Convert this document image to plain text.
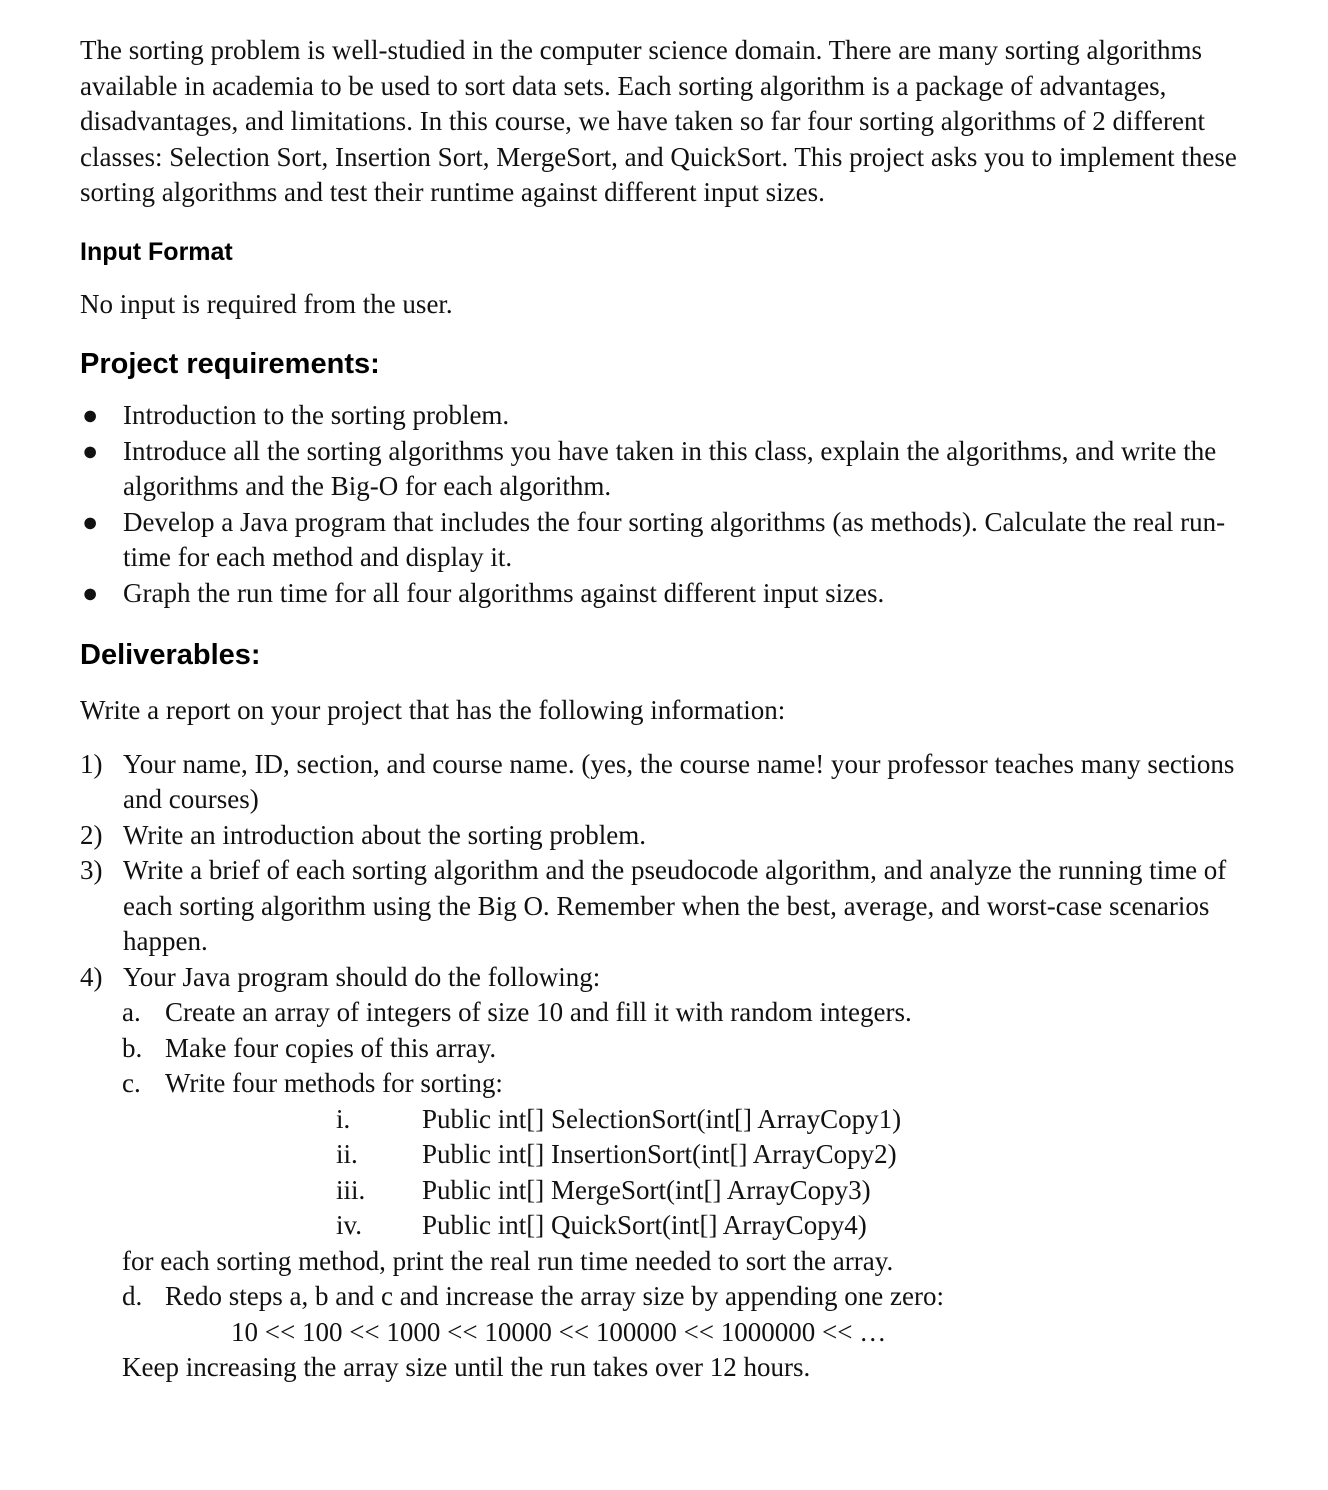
The sorting problem is well-studied in the computer science domain. There are many sorting algorithms available in academia to be used to sort data sets. Each sorting algorithm is a package of advantages, disadvantages, and limitations. In this course, we have taken so far four sorting algorithms of 2 different classes: Selection Sort, Insertion Sort, MergeSort, and QuickSort. This project asks you to implement these sorting algorithms and test their runtime against different input sizes.

Input Format

No input is required from the user.

Project requirements:
● Introduction to the sorting problem.
● Introduce all the sorting algorithms you have taken in this class, explain the algorithms, and write the algorithms and the Big-O for each algorithm.
● Develop a Java program that includes the four sorting algorithms (as methods). Calculate the real run-time for each method and display it.
● Graph the run time for all four algorithms against different input sizes.
Deliverables:

Write a report on your project that has the following information:

1) Your name, ID, section, and course name. (yes, the course name! your professor teaches many sections and courses)
2) Write an introduction about the sorting problem.
3) Write a brief of each sorting algorithm and the pseudocode algorithm, and analyze the running time of each sorting algorithm using the Big O. Remember when the best, average, and worst-case scenarios happen.
4) Your Java program should do the following:
a. Create an array of integers of size 10 and fill it with random integers.
b. Make four copies of this array.
c. Write four methods for sorting:
i.	Public int[] SelectionSort(int[] ArrayCopy1)
ii. Public int[] InsertionSort(int[] ArrayCopy2)
iii. Public int[] MergeSort(int[] ArrayCopy3)
iv. Public int[] QuickSort(int[] ArrayCopy4)

for each sorting method, print the real run time needed to sort the array.

d. Redo steps a, b and c and increase the array size by appending one zero:

10 << 100 << 1000 << 10000 << 100000 << 1000000 << …

Keep increasing the array size until the run takes over 12 hours.
